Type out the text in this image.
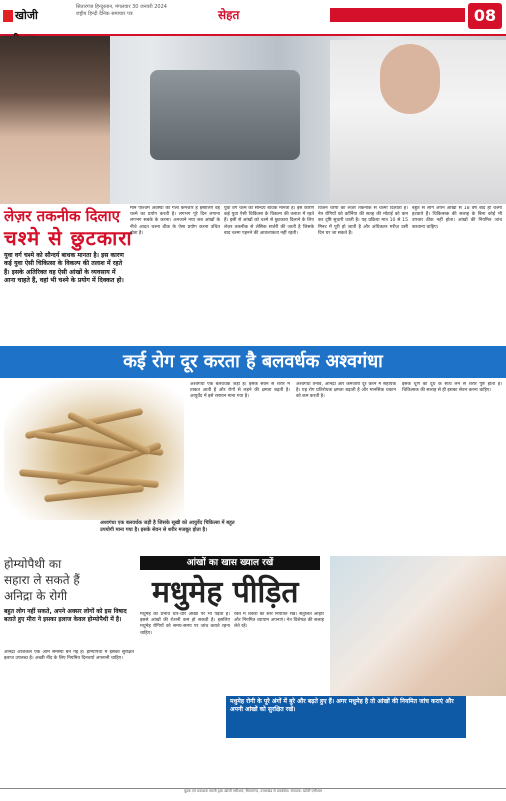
खोजी
सितारगंज हिन्दुस्तान, मंगलवार 30 जनवरी 2024
राष्ट्रीय हिन्दी दैनिक समाचार पत्र	सेहत	08
लेज़र तकनीक दिलाए
चश्मे से छुटकारा
युवा वर्ग चश्मे को सौन्दर्य बाधक मानता है। इस कारण कई युवा ऐसी चिकित्सा के विकल्प की तलाश में रहते हैं। इसके अतिरिक्त वह ऐसी आंखों के व्यवसाय में आना चाहते हैं, वहां भी चश्मे के प्रयोग में दिक्कत हो।
मौन पश्चिम अवस्था की गला कमजोर है इसीलिए वह चश्मे का प्रयोग करती है। लगभग पूरे दिन लगाना लगभग सबके के करना। अनजाने नया जब आंखों के नीचे आदत चश्मा ठीक के ऐसा प्रयोग करना उचित होता है।
युवा वर्ग चश्मे को सौन्दर्य बाधक मानता है। इस कारण कई युवा ऐसी चिकित्सा के विकल्प की तलाश में रहते हैं। इसी से आंखों को चश्मे से छुटकारा दिलाने के लिए लेज़र तकनीक से लेसिक सर्जरी की जाती है जिसके बाद चश्मा पहनने की आवश्यकता नहीं रहती।
विजन थेरेपी का लेज़र तकनीक से चश्मा दिलाता है। नेत्र रोगियों को कॉर्निया की सतह की मोटाई को कम कर दृष्टि सुधारी जाती है। यह प्रक्रिया मात्र 10 से 15 मिनट में पूरी हो जाती है और अधिकतर मरीज़ उसी दिन घर जा सकते हैं।
बहुत से लोग अपने आंखों से 18 वर्ष बाद ही चश्मा हटवाते हैं। चिकित्सक की सलाह के बिना कोई भी उपचार ठीक नहीं होता। आंखों की नियमित जांच करवाना चाहिए।
कई रोग दूर करता है बलवर्धक अश्वगंधा
अश्वगंधा एक बलवर्धक जड़ी है जिसके सूखी को आयुर्वेद चिकित्सा में बहुत उपयोगी माना गया है। इसके सेवन से शरीर मजबूत होता है।
अश्वगंधा एक बलवर्धक जड़ी है। इसके सेवन से शरीर में ताकत आती है और रोगों से लड़ने की क्षमता बढ़ती है। आयुर्वेद में इसे रसायन माना गया है।
अश्वगंधा तनाव, अनिद्रा और कमजोरी दूर करने में सहायक है। यह रोग प्रतिरोधक क्षमता बढ़ाती है और मानसिक थकान को कम करती है।
इसके चूर्ण को दूध के साथ लेने से शरीर पुष्ट होता है। चिकित्सक की सलाह से ही इसका सेवन करना चाहिए।
होम्योपैथी का
सहारा ले सकते हैं
अनिद्रा के रोगी
बहुत लोग नहीं सकते, अपने अक्सर लोगों को इस विषाद बताते हुए मीरा ने इसका इलाज केवल होम्योपैथी में है।
अनिद्रा आजकल एक आम समस्या बन गई है। होम्योपैथी में इसका सुरक्षित इलाज उपलब्ध है। अच्छी नींद के लिए नियमित दिनचर्या अपनानी चाहिए।
आंखों का खास ख्याल रखें
मधुमेह पीड़ित
मधुमेह का प्रभाव धीरे-धीरे आंखों पर भी पड़ता है। इससे आंखों की रोशनी कम हो सकती है। इसलिए मधुमेह रोगियों को समय-समय पर जांच कराते रहना चाहिए।
रक्त में शर्करा का स्तर नियंत्रित रखें। संतुलित आहार और नियमित व्यायाम अपनाएं। नेत्र विशेषज्ञ की सलाह लेते रहें।
मधुमेह रोगी के पूरे अंगों में बुरे और बढ़ते हुए हैं। अगर मधुमेह है तो आंखों की नियमित जांच कराएं और अपनी आंखों को सुरक्षित रखें।
मुद्रक एवं प्रकाशक स्वामी द्वारा खोजी एसीआर, सितारगंज, उत्तराखंड से प्रकाशित। संपादक: खोजी एसीआर
